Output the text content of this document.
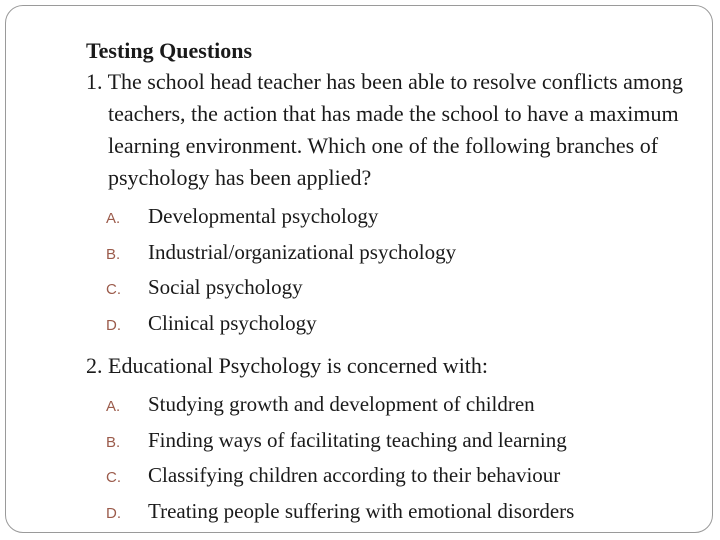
Testing Questions
1. The school head teacher has been able to resolve conflicts among teachers, the action that has made the school to have a maximum learning environment. Which one of the following branches of psychology has been applied?
A.	Developmental psychology
B.	Industrial/organizational psychology
C.	Social psychology
D.	Clinical psychology
2. Educational Psychology is concerned with:
A.	Studying growth and development of children
B.	Finding ways of facilitating teaching and learning
C.	Classifying children according to their behaviour
D.	Treating people suffering with emotional disorders
